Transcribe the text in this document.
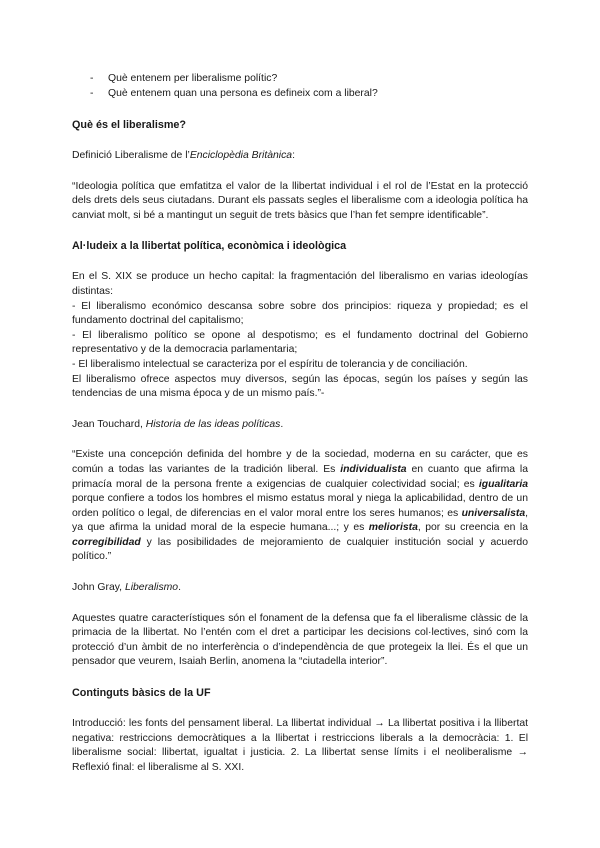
- Què entenem per liberalisme polític?
- Què entenem quan una persona es defineix com a liberal?
Què és el liberalisme?

Definició Liberalisme de l’Enciclopèdia Britànica:

“Ideologia política que emfatitza el valor de la llibertat individual i el rol de l’Estat en la protecció dels drets dels seus ciutadans. Durant els passats segles el liberalisme com a ideologia política ha canviat molt, si bé a mantingut un seguit de trets bàsics que l’han fet sempre identificable”.

Al·ludeix a la llibertat política, econòmica i ideològica

En el S. XIX se produce un hecho capital: la fragmentación del liberalismo en varias ideologías distintas:
- El liberalismo económico descansa sobre sobre dos principios: riqueza y propiedad; es el fundamento doctrinal del capitalismo;
- El liberalismo político se opone al despotismo; es el fundamento doctrinal del Gobierno representativo y de la democracia parlamentaria;
- El liberalismo intelectual se caracteriza por el espíritu de tolerancia y de conciliación.
El liberalismo ofrece aspectos muy diversos, según las épocas, según los países y según las tendencias de una misma época y de un mismo país.”-

Jean Touchard, Historia de las ideas políticas.

“Existe una concepción definida del hombre y de la sociedad, moderna en su carácter, que es común a todas las variantes de la tradición liberal. Es individualista en cuanto que afirma la primacía moral de la persona frente a exigencias de cualquier colectividad social; es igualitaria porque confiere a todos los hombres el mismo estatus moral y niega la aplicabilidad, dentro de un orden político o legal, de diferencias en el valor moral entre los seres humanos; es universalista, ya que afirma la unidad moral de la especie humana...; y es meliorista, por su creencia en la corregibilidad y las posibilidades de mejoramiento de cualquier institución social y acuerdo político.”

John Gray, Liberalismo.

Aquestes quatre característiques són el fonament de la defensa que fa el liberalisme clàssic de la primacia de la llibertat. No l’entén com el dret a participar les decisions col·lectives, sinó com la protecció d’un àmbit de no interferència o d’independència de que protegeix la llei. És el que un pensador que veurem, Isaiah Berlin, anomena la “ciutadella interior”.

Continguts bàsics de la UF

Introducció: les fonts del pensament liberal. La llibertat individual → La llibertat positiva i la llibertat negativa: restriccions democràtiques a la llibertat i restriccions liberals a la democràcia: 1. El liberalisme social: llibertat, igualtat i justicia. 2. La llibertat sense límits i el neoliberalisme → Reflexió final: el liberalisme al S. XXI.
